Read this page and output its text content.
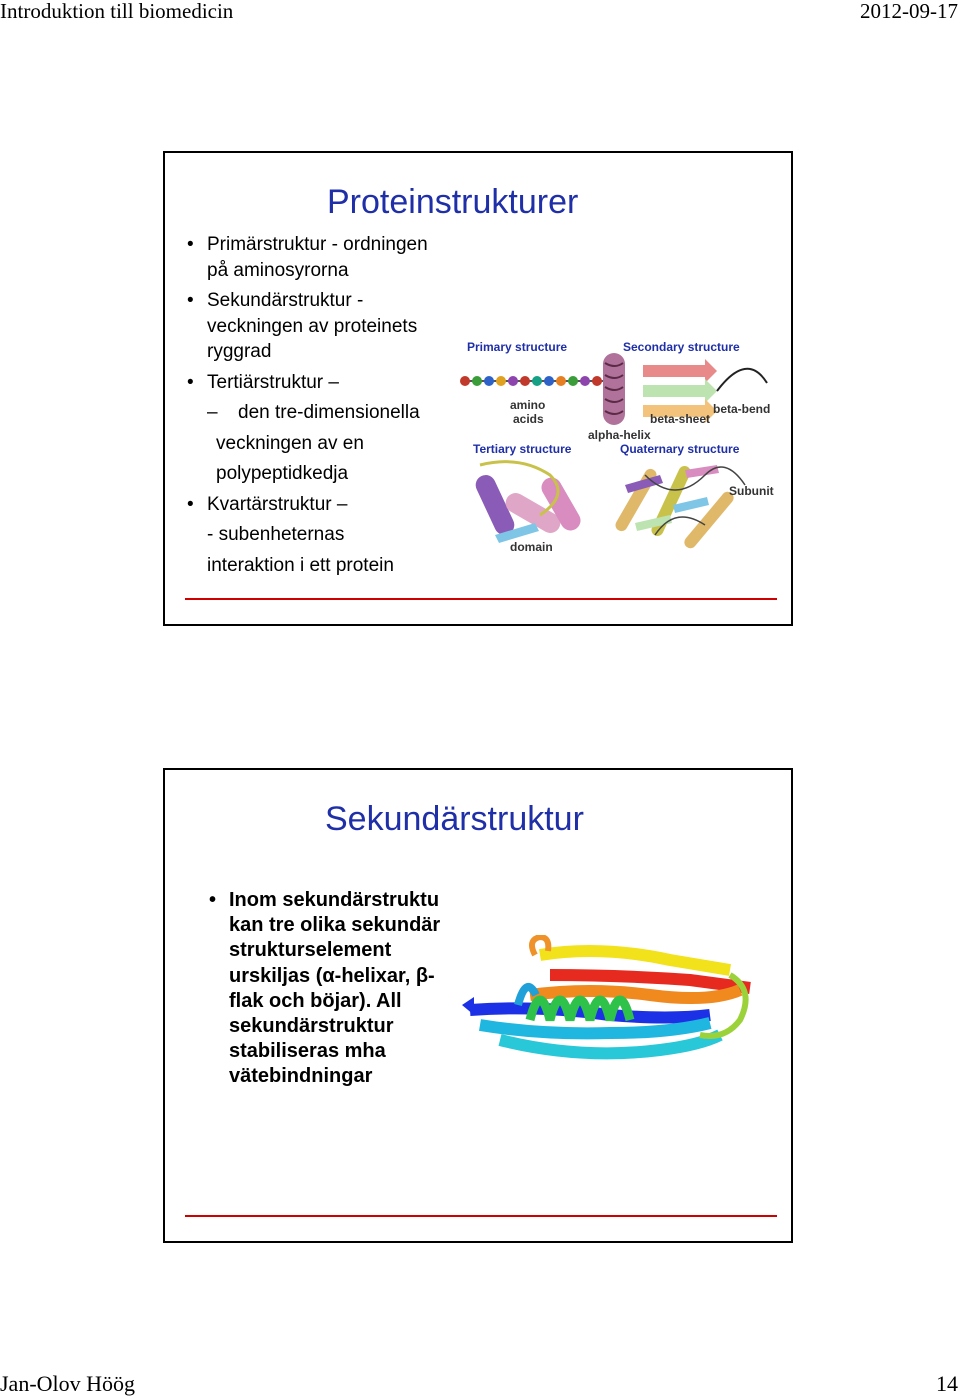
Introduktion till biomedicin	2012-09-17
Proteinstrukturer
• Primärstruktur - ordningen
på aminosyrorna
• Sekundärstruktur -
veckningen av proteinets
ryggrad
• Tertiärstruktur –
– den tre-dimensionella
veckningen av en
polypeptidkedja
• Kvartärstruktur –
- subenheternas
interaktion i ett protein
Primary structure	Secondary structure
amino
acids	beta-sheet
beta-bend
alpha-helix
Tertiary structure	Quaternary structure
domain
Subunit
Sekundärstruktur
• Inom sekundärstruktu
kan tre olika sekundär
strukturselement
urskiljas (α-helixar, β-
flak och böjar). All
sekundärstruktur
stabiliseras mha
vätebindningar
Jan-Olov Höög	14
